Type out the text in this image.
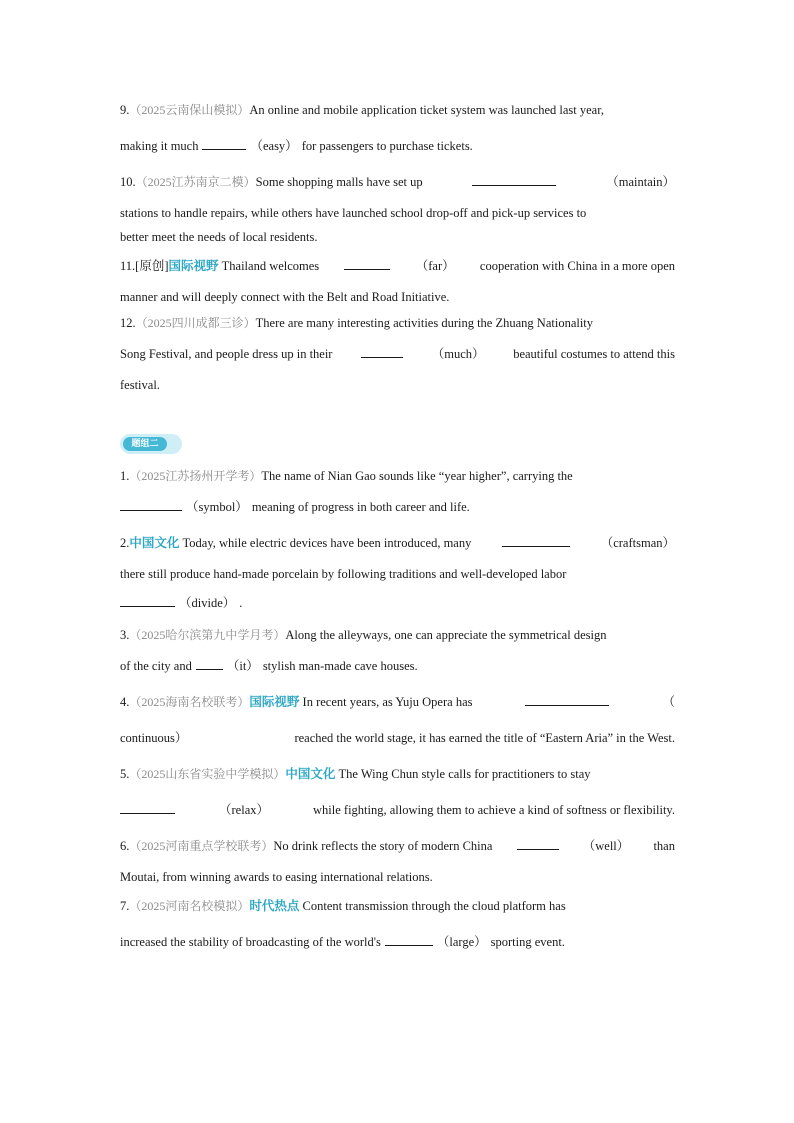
9.（2025云南保山模拟）An online and mobile application ticket system was launched last year,
making it much	（easy） for passengers to purchase tickets.
10.（2025江苏南京二模）Some shopping malls have set up	（maintain）
stations to handle repairs, while others have launched school drop-off and pick-up services to
better meet the needs of local residents.
11.[原创]国际视野 Thailand welcomes	（far） cooperation with China in a more open
manner and will deeply connect with the Belt and Road Initiative.
12.（2025四川成都三诊）There are many interesting activities during the Zhuang Nationality
Song Festival, and people dress up in their	（much） beautiful costumes to attend this
festival.
题组二
1.（2025江苏扬州开学考）The name of Nian Gao sounds like “year higher”, carrying the
（symbol） meaning of progress in both career and life.
2.中国文化 Today, while electric devices have been introduced, many	（craftsman）
there still produce hand-made porcelain by following traditions and well-developed labor
（divide） .
3.（2025哈尔滨第九中学月考）Along the alleyways, one can appreciate the symmetrical design
of the city and	（it） stylish man-made cave houses.
4.（2025海南名校联考）国际视野 In recent years, as Yuju Opera has	（
continuous）	reached the world stage, it has earned the title of “Eastern Aria” in the West.
5.（2025山东省实验中学模拟）中国文化 The Wing Chun style calls for practitioners to stay
（relax）	while fighting, allowing them to achieve a kind of softness or flexibility.
6.（2025河南重点学校联考）No drink reflects the story of modern China	（well） than
Moutai, from winning awards to easing international relations.
7.（2025河南名校模拟）时代热点 Content transmission through the cloud platform has
increased the stability of broadcasting of the world's	（large） sporting event.
